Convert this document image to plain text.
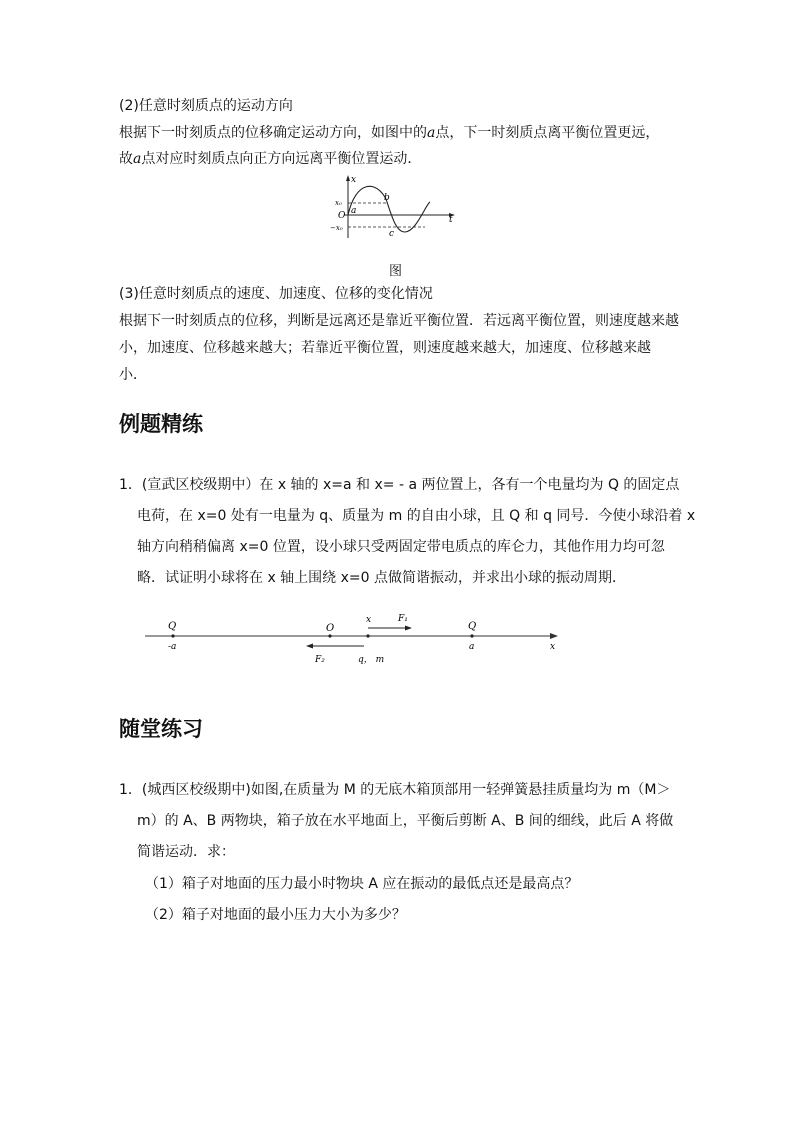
(2)任意时刻质点的运动方向
根据下一时刻质点的位移确定运动方向，如图中的a点，下一时刻质点离平衡位置更远，
故a点对应时刻质点向正方向远离平衡位置运动．
x
t
O
x₀
−x₀
a
b
c
图
(3)任意时刻质点的速度、加速度、位移的变化情况
根据下一时刻质点的位移，判断是远离还是靠近平衡位置．若远离平衡位置，则速度越来越
小，加速度、位移越来越大；若靠近平衡位置，则速度越来越大，加速度、位移越来越
小．
例题精练
1．(宣武区校级期中）在 x 轴的 x=a 和 x= - a 两位置上，各有一个电量均为 Q 的固定点
电荷，在 x=0 处有一电量为 q、质量为 m 的自由小球，且 Q 和 q 同号．今使小球沿着 x
轴方向稍稍偏离 x=0 位置，设小球只受两固定带电质点的库仑力，其他作用力均可忽
略．试证明小球将在 x 轴上围绕 x=0 点做简谐振动，并求出小球的振动周期．
Q
-a
O
x	F₁
Q
a	x
F₂	q， m
随堂练习
1．(城西区校级期中)如图,在质量为 M 的无底木箱顶部用一轻弹簧悬挂质量均为 m（M＞
m）的 A、B 两物块，箱子放在水平地面上，平衡后剪断 A、B 间的细线，此后 A 将做
简谐运动．求：
（1）箱子对地面的压力最小时物块 A 应在振动的最低点还是最高点？
（2）箱子对地面的最小压力大小为多少？
